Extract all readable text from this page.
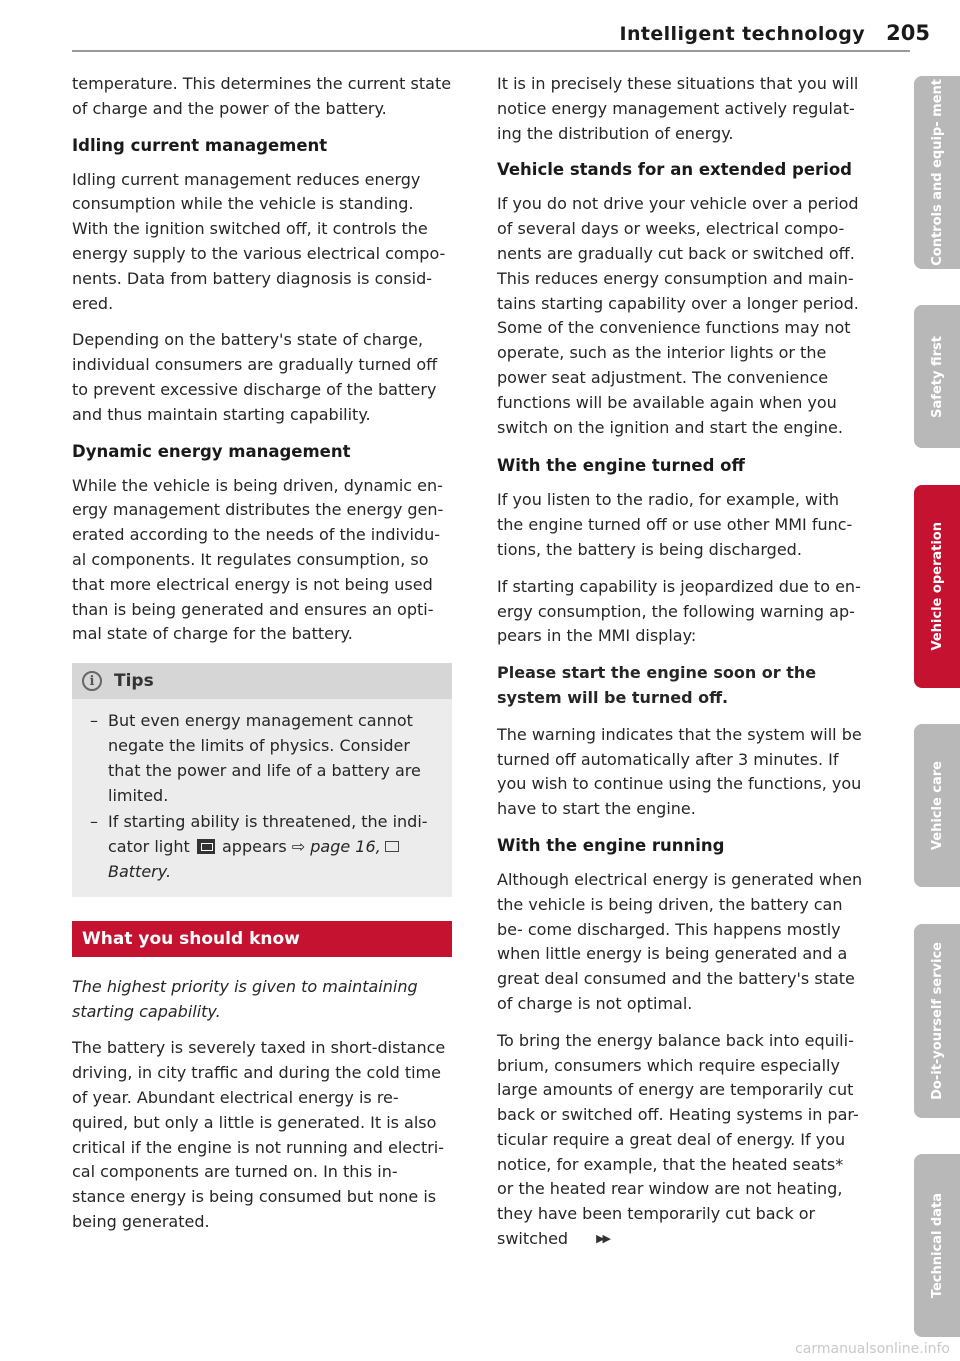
Intelligent technology 205

temperature. This determines the current state of charge and the power of the battery.

Idling current management

Idling current management reduces energy consumption while the vehicle is standing. With the ignition switched off, it controls the energy supply to the various electrical compo- nents. Data from battery diagnosis is consid- ered.

Depending on the battery's state of charge, individual consumers are gradually turned off to prevent excessive discharge of the battery and thus maintain starting capability.

Dynamic energy management

While the vehicle is being driven, dynamic en- ergy management distributes the energy gen- erated according to the needs of the individu- al components. It regulates consumption, so that more electrical energy is not being used than is being generated and ensures an opti- mal state of charge for the battery.

i	Tips
– But even energy management cannot negate the limits of physics. Consider that the power and life of a battery are limited.
– If starting ability is threatened, the indi- cator light appears ⇨ page 16,
Battery.
What you should know

The highest priority is given to maintaining starting capability.

The battery is severely taxed in short-distance driving, in city traffic and during the cold time of year. Abundant electrical energy is re- quired, but only a little is generated. It is also critical if the engine is not running and electri- cal components are turned on. In this in- stance energy is being consumed but none is being generated.

It is in precisely these situations that you will notice energy management actively regulat- ing the distribution of energy.

Vehicle stands for an extended period

If you do not drive your vehicle over a period of several days or weeks, electrical compo- nents are gradually cut back or switched off. This reduces energy consumption and main- tains starting capability over a longer period. Some of the convenience functions may not operate, such as the interior lights or the power seat adjustment. The convenience functions will be available again when you switch on the ignition and start the engine.

With the engine turned off

If you listen to the radio, for example, with the engine turned off or use other MMI func- tions, the battery is being discharged.

If starting capability is jeopardized due to en- ergy consumption, the following warning ap- pears in the MMI display:

Please start the engine soon or the system will be turned off.

The warning indicates that the system will be turned off automatically after 3 minutes. If you wish to continue using the functions, you have to start the engine.

With the engine running

Although electrical energy is generated when the vehicle is being driven, the battery can be- come discharged. This happens mostly when little energy is being generated and a great deal consumed and the battery's state of charge is not optimal.

To bring the energy balance back into equili- brium, consumers which require especially large amounts of energy are temporarily cut back or switched off. Heating systems in par- ticular require a great deal of energy. If you notice, for example, that the heated seats* or the heated rear window are not heating, they have been temporarily cut back or switched	▶▶

Controls and equip- ment
Safety first
Vehicle operation
Vehicle care
Do-it-yourself service
Technical data
carmanualsonline.info
